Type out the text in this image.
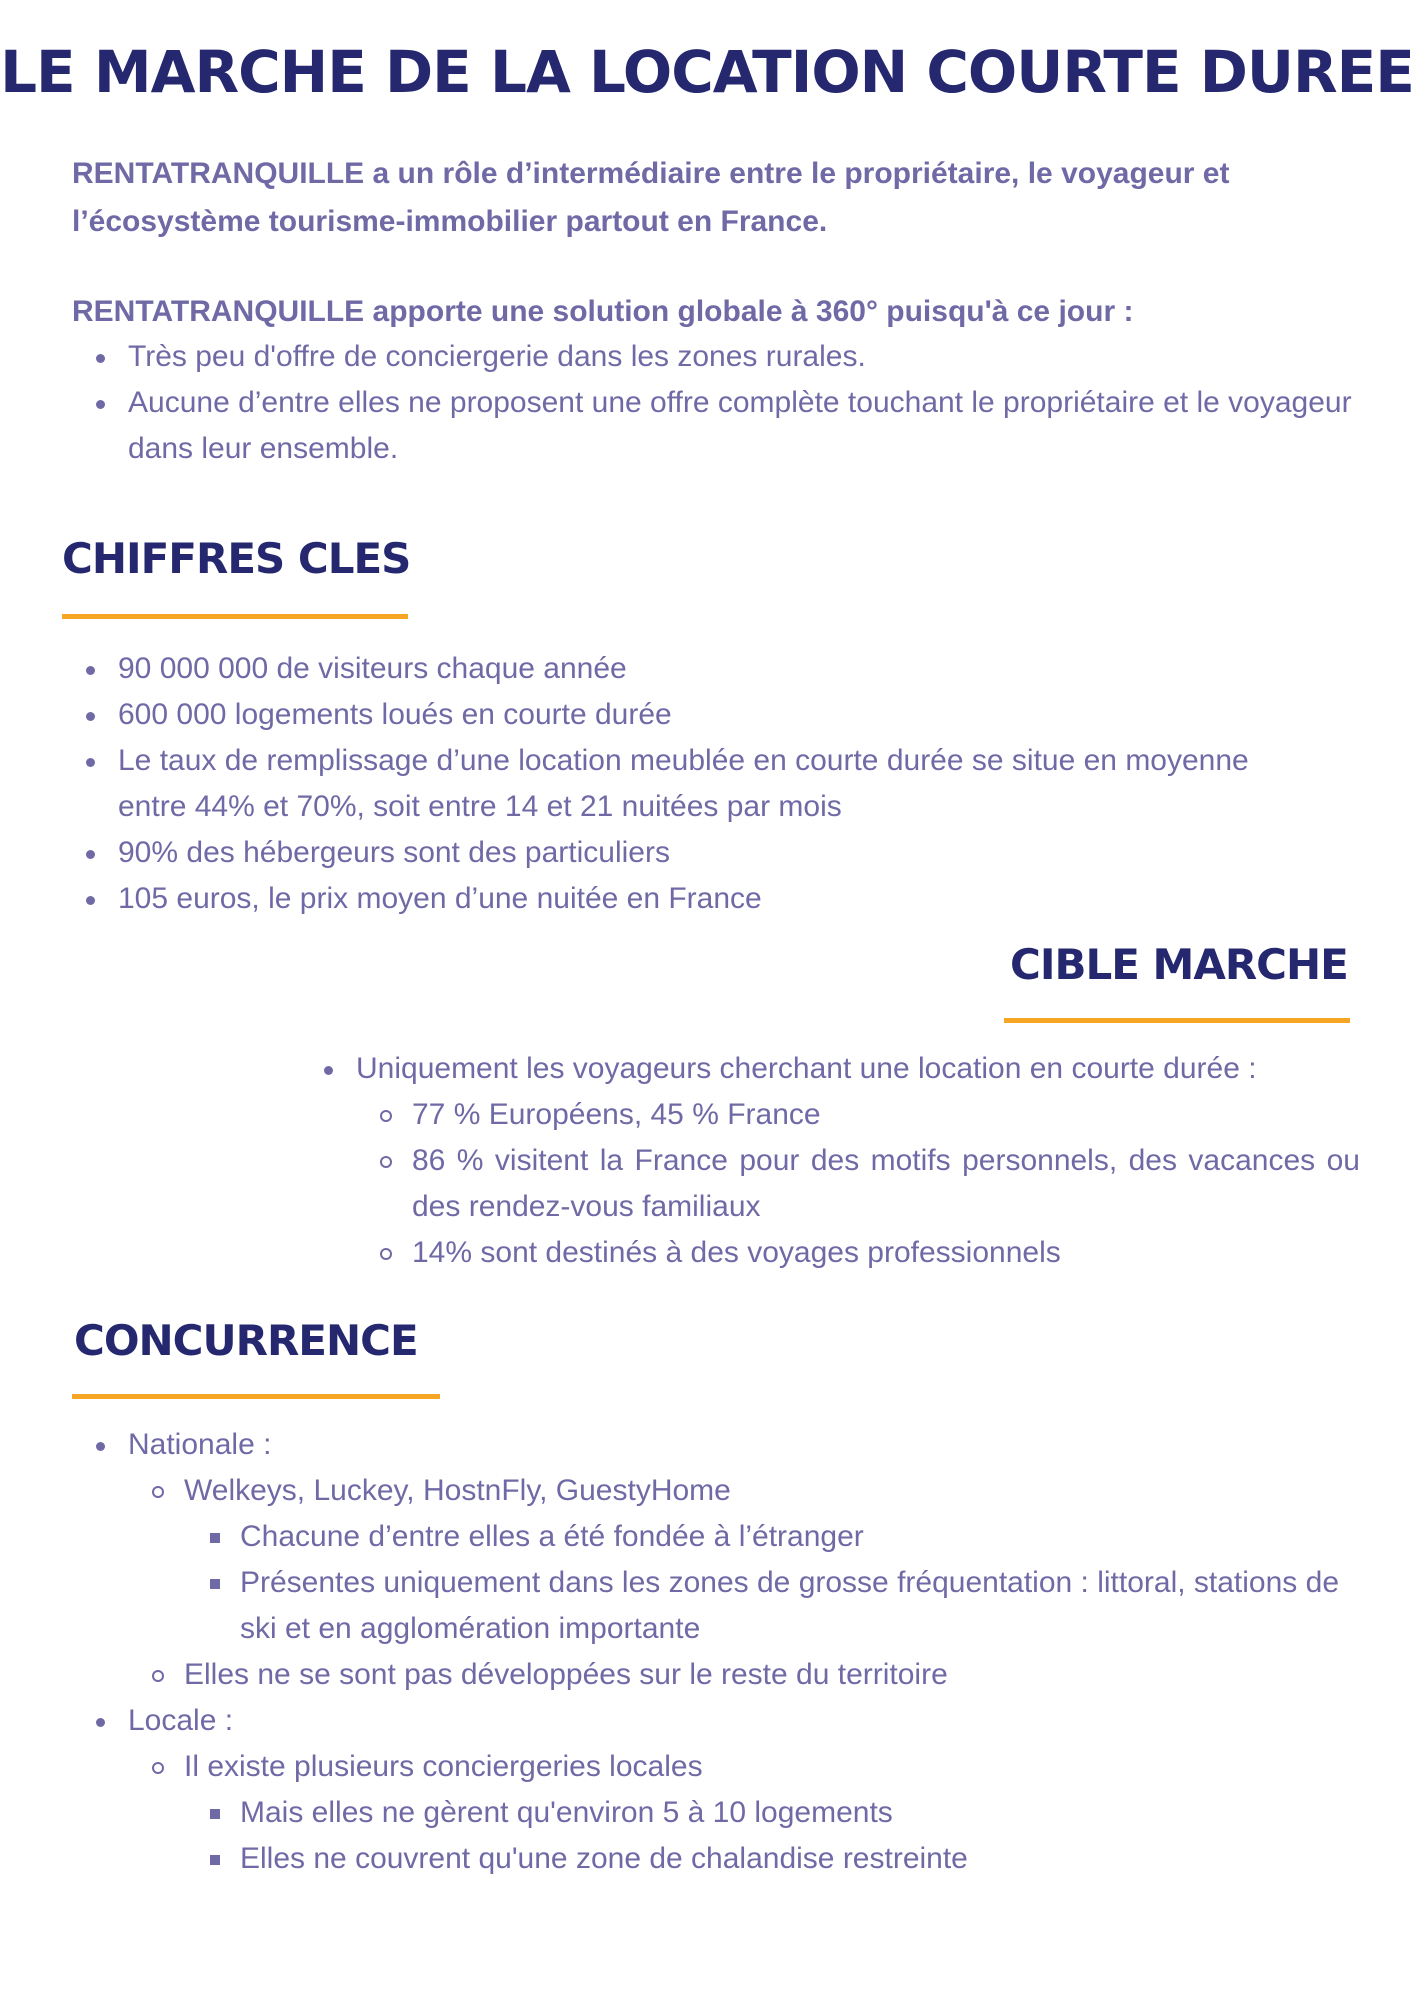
LE MARCHE DE LA LOCATION COURTE DUREE

RENTATRANQUILLE a un rôle d’intermédiaire entre le propriétaire, le voyageur et l’écosystème tourisme-immobilier partout en France.

RENTATRANQUILLE apporte une solution globale à 360° puisqu'à ce jour :

Très peu d'offre de conciergerie dans les zones rurales.
Aucune d’entre elles ne proposent une offre complète touchant le propriétaire et le voyageur dans leur ensemble.
CHIFFRES CLES
90 000 000 de visiteurs chaque année
600 000 logements loués en courte durée
Le taux de remplissage d’une location meublée en courte durée se situe en moyenne entre 44% et 70%, soit entre 14 et 21 nuitées par mois
90% des hébergeurs sont des particuliers
105 euros, le prix moyen d’une nuitée en France
CIBLE MARCHE
Uniquement les voyageurs cherchant une location en courte durée :
77 % Européens, 45 % France
86 % visitent la France pour des motifs personnels, des vacances ou des rendez-vous familiaux
14% sont destinés à des voyages professionnels
CONCURRENCE
Nationale :
Welkeys, Luckey, HostnFly, GuestyHome
Chacune d’entre elles a été fondée à l’étranger
Présentes uniquement dans les zones de grosse fréquentation : littoral, stations de ski et en agglomération importante
Elles ne se sont pas développées sur le reste du territoire
Locale :
Il existe plusieurs conciergeries locales
Mais elles ne gèrent qu'environ 5 à 10 logements
Elles ne couvrent qu'une zone de chalandise restreinte
